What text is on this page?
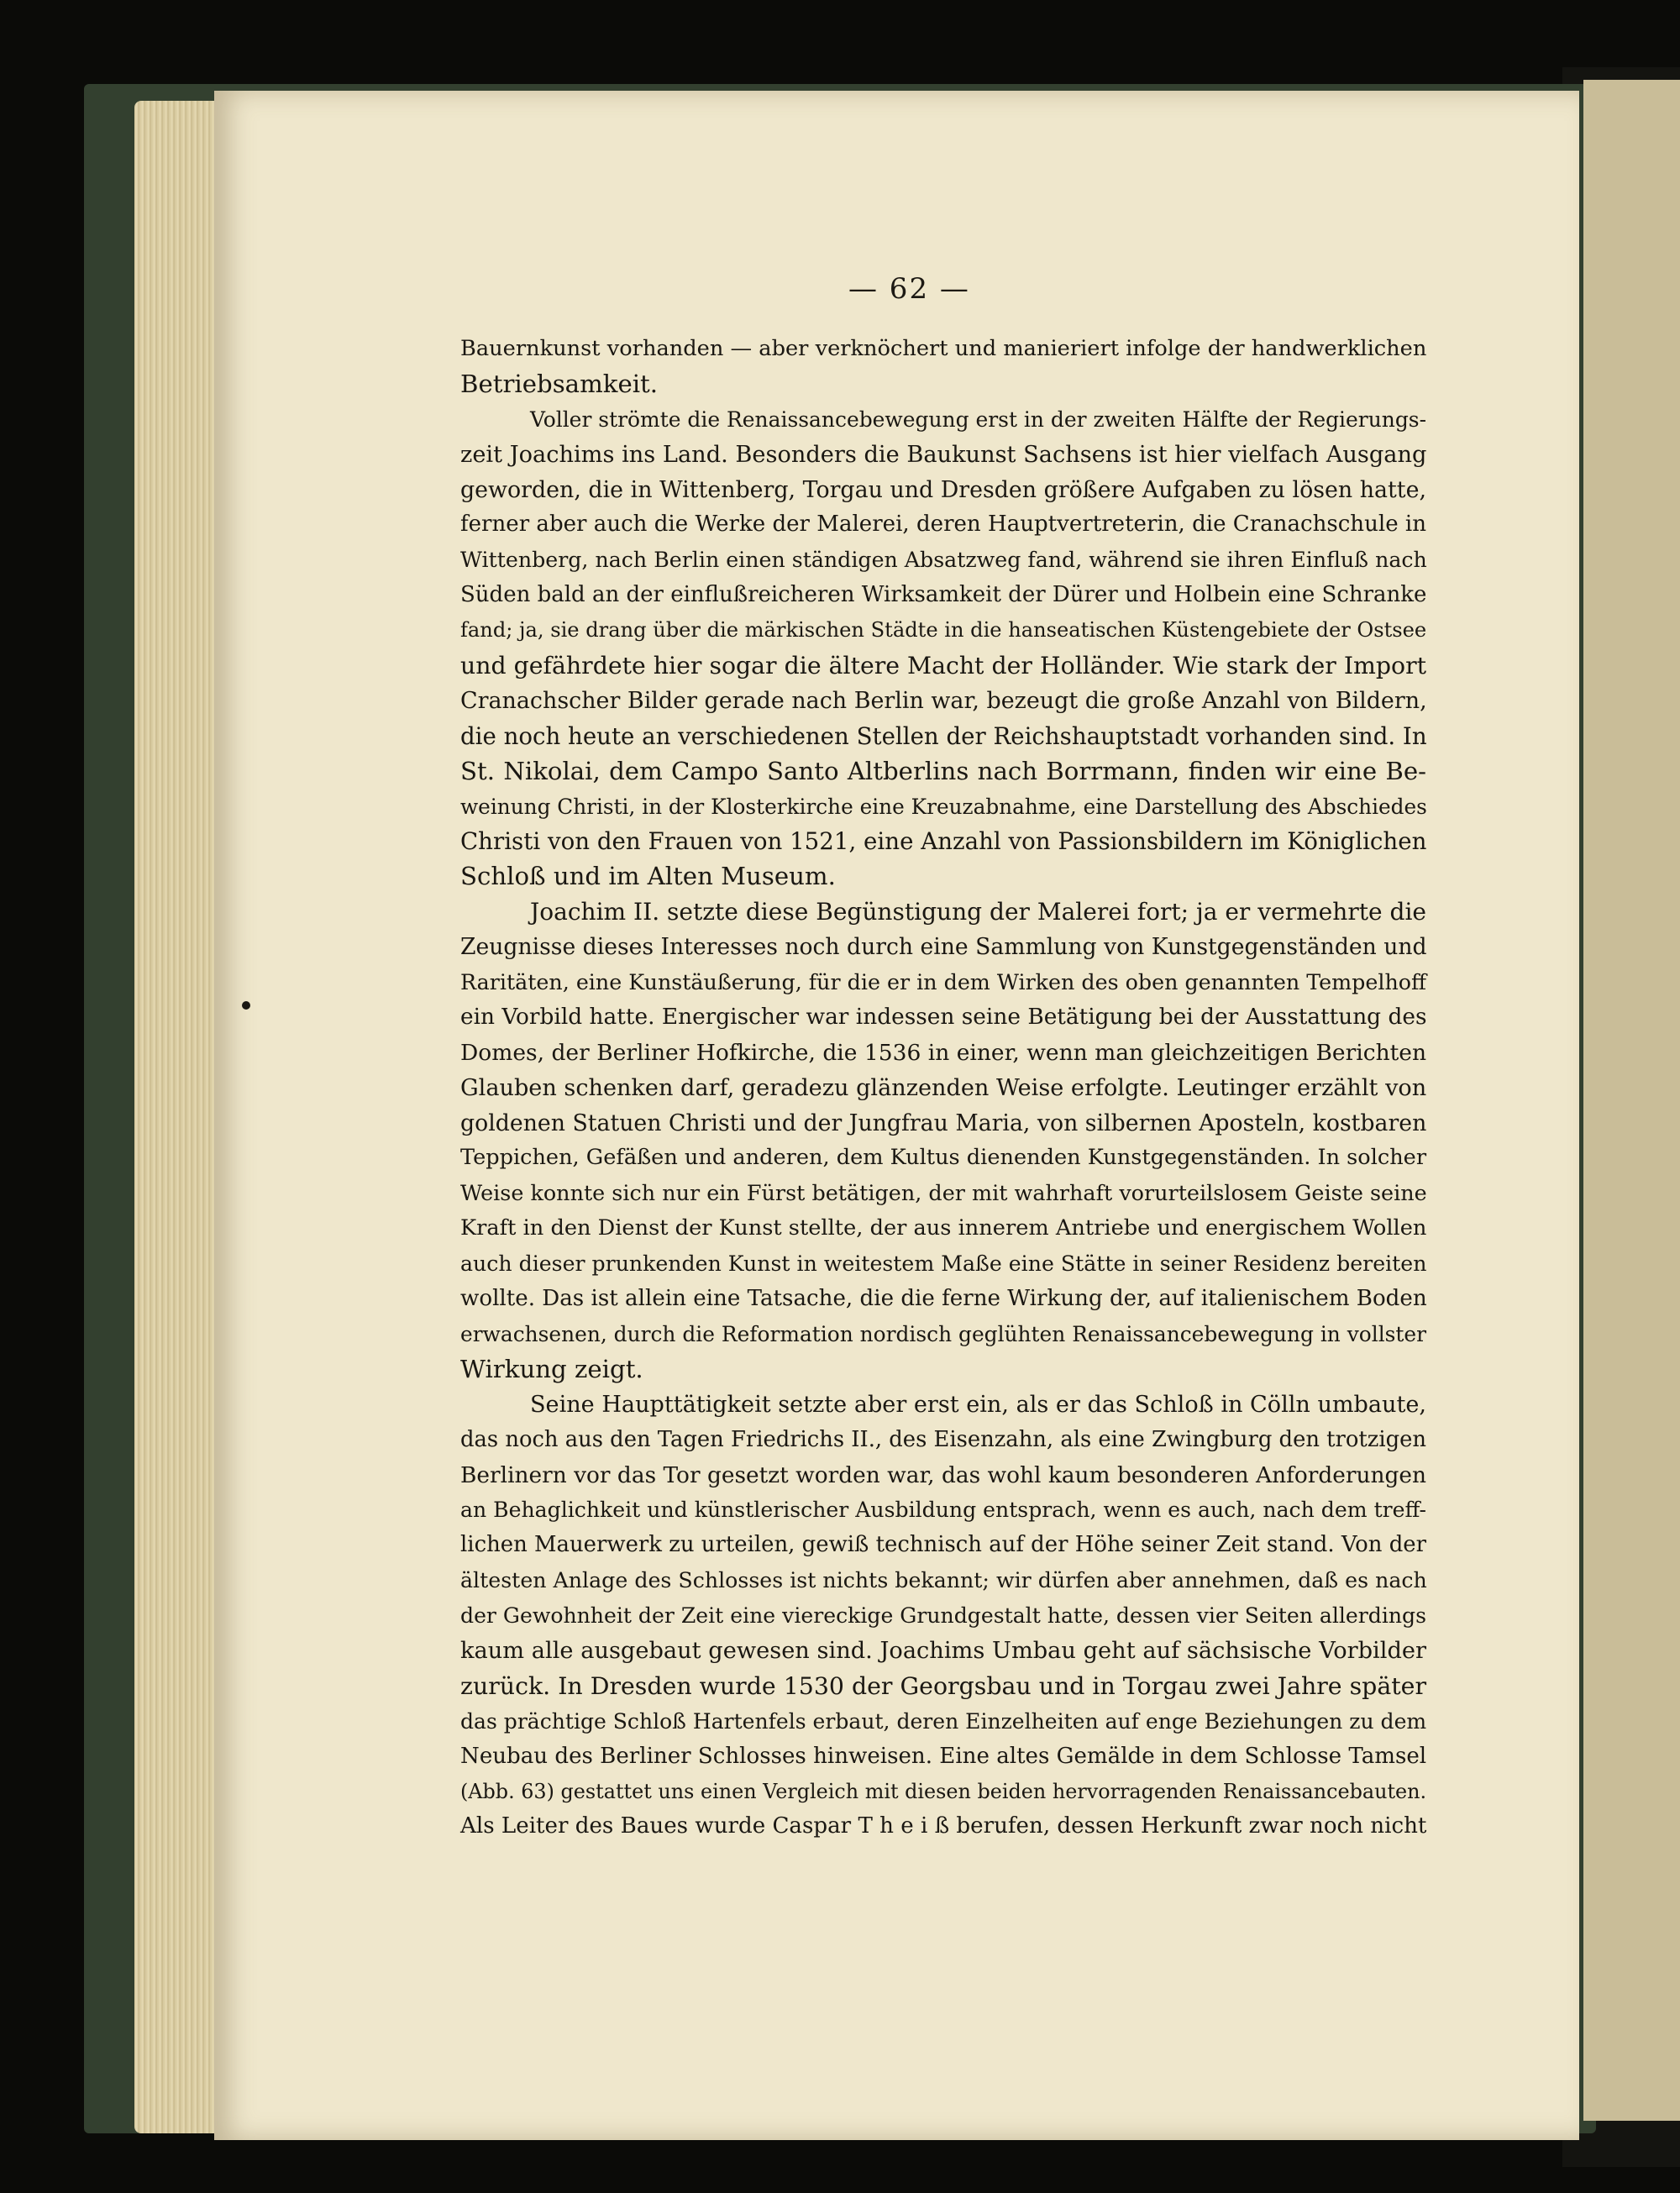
— 62 —
Bauernkunst vorhanden — aber verknöchert und manieriert infolge der handwerklichen
Betriebsamkeit.
Voller strömte die Renaissancebewegung erst in der zweiten Hälfte der Regierungs-
zeit Joachims ins Land. Besonders die Baukunst Sachsens ist hier vielfach Ausgang
geworden, die in Wittenberg, Torgau und Dresden größere Aufgaben zu lösen hatte,
ferner aber auch die Werke der Malerei, deren Hauptvertreterin, die Cranachschule in
Wittenberg, nach Berlin einen ständigen Absatzweg fand, während sie ihren Einfluß nach
Süden bald an der einflußreicheren Wirksamkeit der Dürer und Holbein eine Schranke
fand; ja, sie drang über die märkischen Städte in die hanseatischen Küstengebiete der Ostsee
und gefährdete hier sogar die ältere Macht der Holländer. Wie stark der Import
Cranachscher Bilder gerade nach Berlin war, bezeugt die große Anzahl von Bildern,
die noch heute an verschiedenen Stellen der Reichshauptstadt vorhanden sind. In
St. Nikolai, dem Campo Santo Altberlins nach Borrmann, finden wir eine Be-
weinung Christi, in der Klosterkirche eine Kreuzabnahme, eine Darstellung des Abschiedes
Christi von den Frauen von 1521, eine Anzahl von Passionsbildern im Königlichen
Schloß und im Alten Museum.
Joachim II. setzte diese Begünstigung der Malerei fort; ja er vermehrte die
Zeugnisse dieses Interesses noch durch eine Sammlung von Kunstgegenständen und
Raritäten, eine Kunstäußerung, für die er in dem Wirken des oben genannten Tempelhoff
ein Vorbild hatte. Energischer war indessen seine Betätigung bei der Ausstattung des
Domes, der Berliner Hofkirche, die 1536 in einer, wenn man gleichzeitigen Berichten
Glauben schenken darf, geradezu glänzenden Weise erfolgte. Leutinger erzählt von
goldenen Statuen Christi und der Jungfrau Maria, von silbernen Aposteln, kostbaren
Teppichen, Gefäßen und anderen, dem Kultus dienenden Kunstgegenständen. In solcher
Weise konnte sich nur ein Fürst betätigen, der mit wahrhaft vorurteilslosem Geiste seine
Kraft in den Dienst der Kunst stellte, der aus innerem Antriebe und energischem Wollen
auch dieser prunkenden Kunst in weitestem Maße eine Stätte in seiner Residenz bereiten
wollte. Das ist allein eine Tatsache, die die ferne Wirkung der, auf italienischem Boden
erwachsenen, durch die Reformation nordisch geglühten Renaissancebewegung in vollster
Wirkung zeigt.
Seine Haupttätigkeit setzte aber erst ein, als er das Schloß in Cölln umbaute,
das noch aus den Tagen Friedrichs II., des Eisenzahn, als eine Zwingburg den trotzigen
Berlinern vor das Tor gesetzt worden war, das wohl kaum besonderen Anforderungen
an Behaglichkeit und künstlerischer Ausbildung entsprach, wenn es auch, nach dem treff-
lichen Mauerwerk zu urteilen, gewiß technisch auf der Höhe seiner Zeit stand. Von der
ältesten Anlage des Schlosses ist nichts bekannt; wir dürfen aber annehmen, daß es nach
der Gewohnheit der Zeit eine viereckige Grundgestalt hatte, dessen vier Seiten allerdings
kaum alle ausgebaut gewesen sind. Joachims Umbau geht auf sächsische Vorbilder
zurück. In Dresden wurde 1530 der Georgsbau und in Torgau zwei Jahre später
das prächtige Schloß Hartenfels erbaut, deren Einzelheiten auf enge Beziehungen zu dem
Neubau des Berliner Schlosses hinweisen. Eine altes Gemälde in dem Schlosse Tamsel
(Abb. 63) gestattet uns einen Vergleich mit diesen beiden hervorragenden Renaissancebauten.
Als Leiter des Baues wurde Caspar T h e i ß berufen, dessen Herkunft zwar noch nicht
